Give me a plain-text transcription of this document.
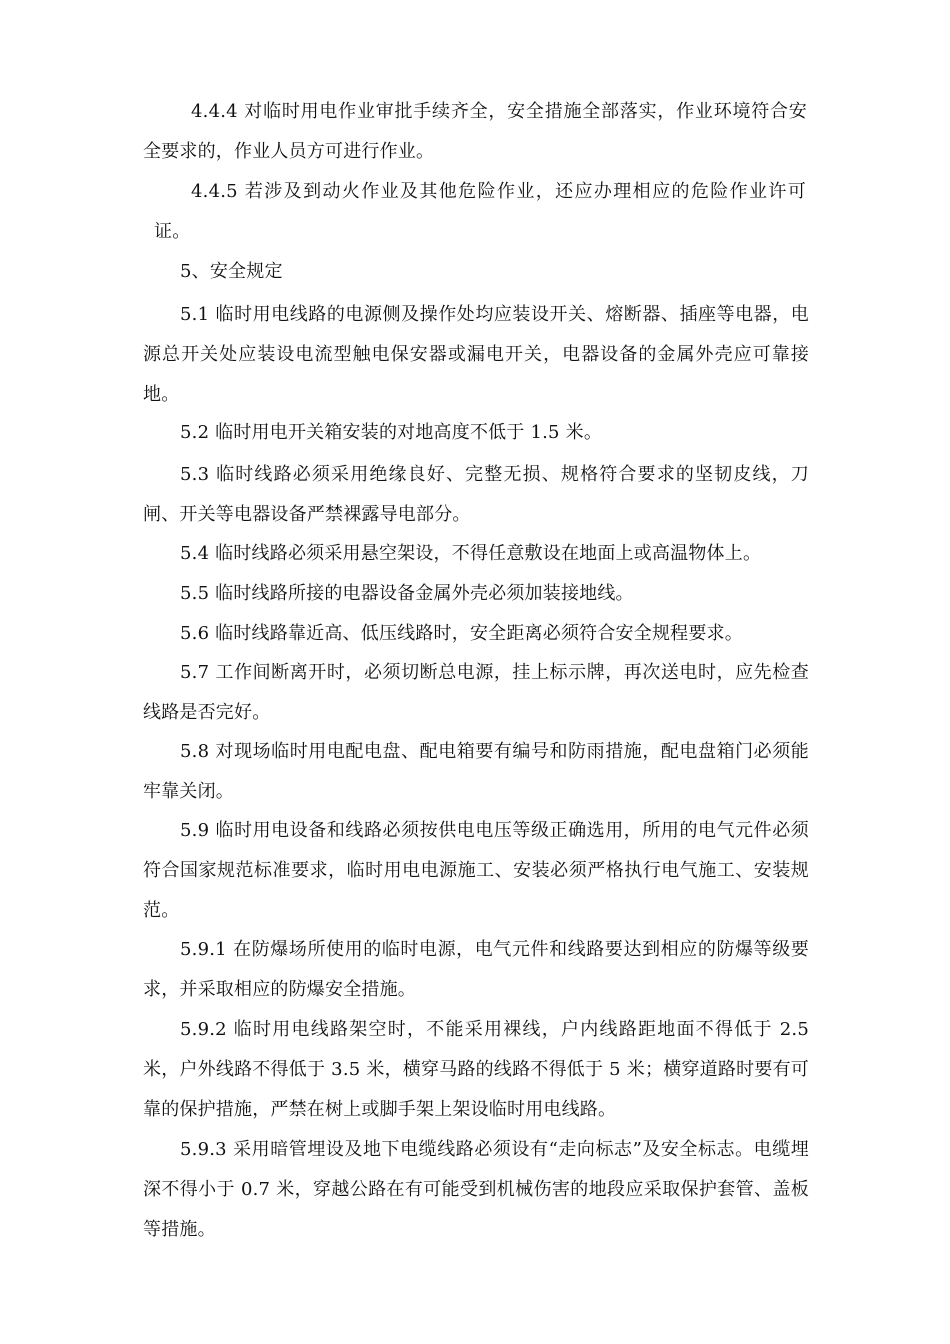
4.4.4 对临时用电作业审批手续齐全，安全措施全部落实，作业环境符合安全要求的，作业人员方可进行作业。

4.4.5 若涉及到动火作业及其他危险作业，还应办理相应的危险作业许可证。

5、安全规定

5.1 临时用电线路的电源侧及操作处均应装设开关、熔断器、插座等电器，电源总开关处应装设电流型触电保安器或漏电开关，电器设备的金属外壳应可靠接地。

5.2 临时用电开关箱安装的对地高度不低于 1.5 米。

5.3 临时线路必须采用绝缘良好、完整无损、规格符合要求的坚韧皮线，刀闸、开关等电器设备严禁裸露导电部分。

5.4 临时线路必须采用悬空架设，不得任意敷设在地面上或高温物体上。

5.5 临时线路所接的电器设备金属外壳必须加装接地线。

5.6 临时线路靠近高、低压线路时，安全距离必须符合安全规程要求。

5.7 工作间断离开时，必须切断总电源，挂上标示牌，再次送电时，应先检查线路是否完好。

5.8 对现场临时用电配电盘、配电箱要有编号和防雨措施，配电盘箱门必须能牢靠关闭。

5.9 临时用电设备和线路必须按供电电压等级正确选用，所用的电气元件必须符合国家规范标准要求，临时用电电源施工、安装必须严格执行电气施工、安装规范。

5.9.1 在防爆场所使用的临时电源，电气元件和线路要达到相应的防爆等级要求，并采取相应的防爆安全措施。

5.9.2 临时用电线路架空时，不能采用裸线，户内线路距地面不得低于 2.5 米，户外线路不得低于 3.5 米，横穿马路的线路不得低于 5 米；横穿道路时要有可靠的保护措施，严禁在树上或脚手架上架设临时用电线路。

5.9.3 采用暗管埋设及地下电缆线路必须设有“走向标志”及安全标志。电缆埋深不得小于 0.7 米，穿越公路在有可能受到机械伤害的地段应采取保护套管、盖板等措施。
